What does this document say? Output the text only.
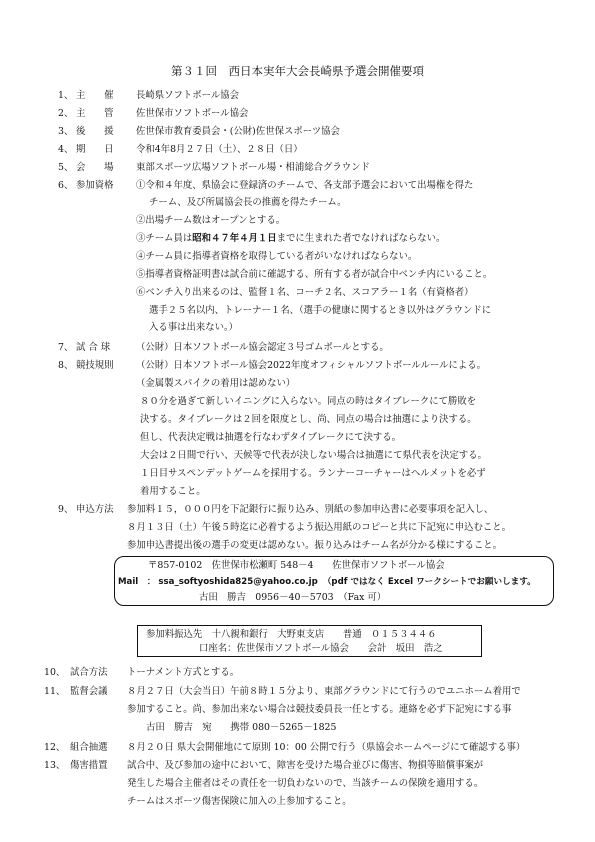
第３１回　西日本実年大会長崎県予選会開催要項
1、 主　　催 長崎県ソフトボール協会
2、 主　　管 佐世保市ソフトボール協会
3、 後　　援 佐世保市教育委員会・(公財)佐世保スポーツ協会
4、 期　　日 令和4年8月２７日（土）、２８日（日）
5、 会　　場 東部スポーツ広場ソフトボール場・相浦総合グラウンド
6、 参加資格 ①令和４年度、県協会に登録済のチームで、各支部予選会において出場権を得た
チーム、及び所属協会長の推薦を得たチーム。
②出場チーム数はオープンとする。
③チーム員は昭和４７年４月１日までに生まれた者でなければならない。
④チーム員に指導者資格を取得している者がいなければならない。
⑤指導者資格証明書は試合前に確認する、所有する者が試合中ベンチ内にいること。
⑥ベンチ入り出来るのは、監督１名、コーチ２名、スコアラー１名（有資格者）
選手２５名以内、トレーナー１名、（選手の健康に関するとき以外はグラウンドに
入る事は出来ない。）
7、 試 合 球	（公財）日本ソフトボール協会認定３号ゴムボールとする。
8、 競技規則 （公財）日本ソフトボール協会2022年度オフィシャルソフトボールルールによる。
（金属製スパイクの着用は認めない）
８０分を過ぎて新しいイニングに入らない。同点の時はタイブレークにて勝敗を
決する。タイブレークは２回を限度とし、尚、同点の場合は抽選により決する。
但し、代表決定戦は抽選を行なわずタイブレークにて決する。
大会は２日間で行い、天候等で代表が決しない場合は抽選にて県代表を決定する。
１日目サスペンデットゲームを採用する。ランナーコーチャーはヘルメットを必ず
着用すること。
9、 申込方法 参加料１５，０００円を下記銀行に振り込み、別紙の参加申込書に必要事項を記入し、
８月１３日（土）午後５時迄に必着するよう振込用紙のコピーと共に下記宛に申込むこと。
参加申込書提出後の選手の変更は認めない。振り込みはチーム名が分かる様にすること。
〒857-0102　佐世保市松瀬町 548－4　　佐世保市ソフトボール協会
Mail　： ssa_softyoshida825@yahoo.co.jp　 （pdf ではなく Excel ワークシートでお願いします。
古田　勝吉　0956－40－5703　（Fax 可）
参加料振込先　十八親和銀行　大野東支店　　普通　０１５３４４６
口座名：佐世保市ソフトボール協会　　会計　坂田　浩之
10、 試合方法 トーナメント方式とする。
11、 監督会議 ８月２７日（大会当日）午前８時１５分より、東部グラウンドにて行うのでユニホーム着用で
参加すること。尚、参加出来ない場合は競技委員長一任とする。連絡を必ず下記宛にする事
古田　勝吉　宛　　携帯 080－5265－1825
12、 組合抽選 ８月２０日 県大会開催地にて原則 10：00 公開で行う（県協会ホームページにて確認する事）
13、 傷害措置 試合中、及び参加の途中において、障害を受けた場合並びに傷害、物損等賠償事案が
発生した場合主催者はその責任を一切負わないので、当該チームの保険を適用する。
チームはスポーツ傷害保険に加入の上参加すること。
